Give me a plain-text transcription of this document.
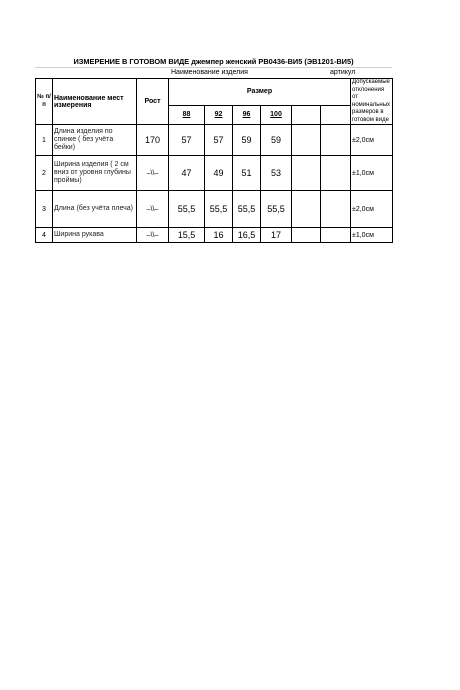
ИЗМЕРЕНИЕ В ГОТОВОМ ВИДЕ джемпер женский РВ0436-ВИ5 (ЭВ1201-ВИ5)
Наименование изделия	артикул
№ п/п	Наименование мест измерения	Рост	Размер						Допускаемые отклонения от номинальных размеров в готовом виде
			88	92	96	100			
1	Длина изделия по спинке ( без учёта бейки)	170	57	57	59	59			±2,0см
2	Ширина изделия ( 2 см вниз от уровня глубины проймы)	–\\–	47	49	51	53			±1,0см
3	Длина (без учёта плеча)	–\\–	55,5	55,5	55,5	55,5			±2,0см
4	Ширина рукава	–\\–	15,5	16	16,5	17			±1,0см
